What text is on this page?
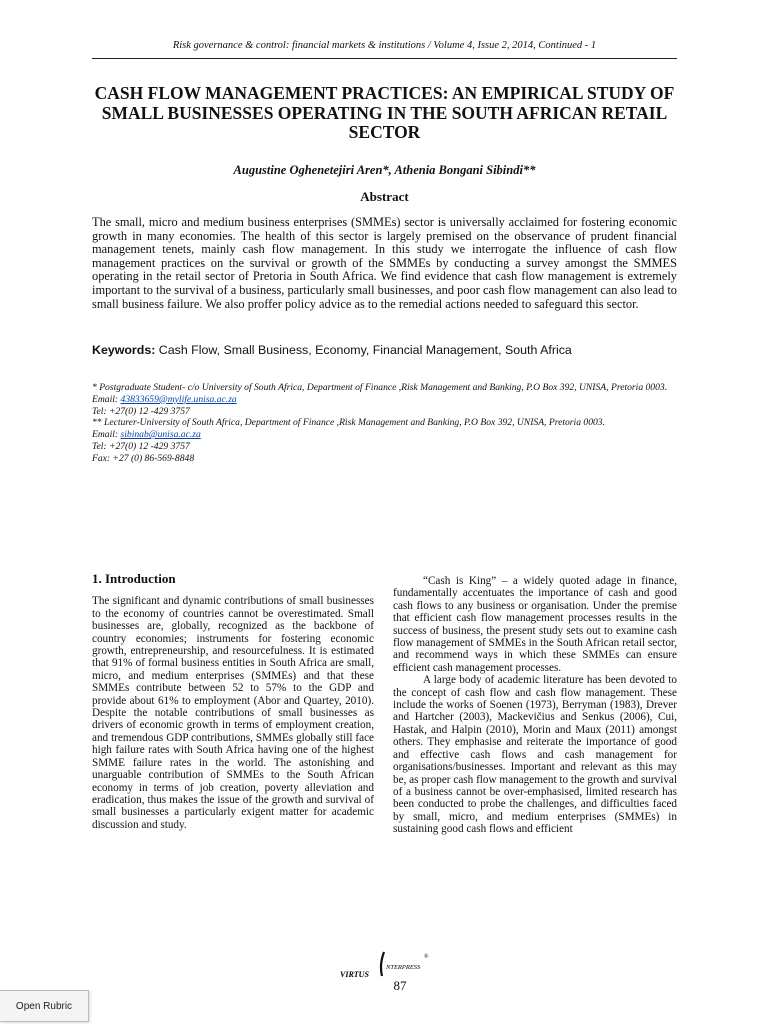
Risk governance & control: financial markets & institutions / Volume 4, Issue 2, 2014, Continued - 1
CASH FLOW MANAGEMENT PRACTICES: AN EMPIRICAL STUDY OF SMALL BUSINESSES OPERATING IN THE SOUTH AFRICAN RETAIL SECTOR
Augustine Oghenetejiri Aren*, Athenia Bongani Sibindi**
Abstract
The small, micro and medium business enterprises (SMMEs) sector is universally acclaimed for fostering economic growth in many economies. The health of this sector is largely premised on the observance of prudent financial management tenets, mainly cash flow management. In this study we interrogate the influence of cash flow management practices on the survival or growth of the SMMEs by conducting a survey amongst the SMMES operating in the retail sector of Pretoria in South Africa. We find evidence that cash flow management is extremely important to the survival of a business, particularly small businesses, and poor cash flow management can also lead to small business failure. We also proffer policy advice as to the remedial actions needed to safeguard this sector.
Keywords: Cash Flow, Small Business, Economy, Financial Management, South Africa
* Postgraduate Student- c/o University of South Africa, Department of Finance ,Risk Management and Banking, P.O Box 392, UNISA, Pretoria 0003.
Email: 43833659@mylife.unisa.ac.za
Tel: +27(0) 12 -429 3757
** Lecturer-University of South Africa, Department of Finance ,Risk Management and Banking, P.O Box 392, UNISA, Pretoria 0003.
Email: sibinab@unisa.ac.za
Tel: +27(0) 12 -429 3757
Fax: +27 (0) 86-569-8848
1. Introduction
The significant and dynamic contributions of small businesses to the economy of countries cannot be overestimated. Small businesses are, globally, recognized as the backbone of country economies; instruments for fostering economic growth, entrepreneurship, and resourcefulness. It is estimated that 91% of formal business entities in South Africa are small, micro, and medium enterprises (SMMEs) and that these SMMEs contribute between 52 to 57% to the GDP and provide about 61% to employment (Abor and Quartey, 2010). Despite the notable contributions of small businesses as drivers of economic growth in terms of employment creation, and tremendous GDP contributions, SMMEs globally still face high failure rates with South Africa having one of the highest SMME failure rates in the world. The astonishing and unarguable contribution of SMMEs to the South African economy in terms of job creation, poverty alleviation and eradication, thus makes the issue of the growth and survival of small businesses a particularly exigent matter for academic discussion and study.

“Cash is King” – a widely quoted adage in finance, fundamentally accentuates the importance of cash and good cash flows to any business or organisation. Under the premise that efficient cash flow management processes results in the success of business, the present study sets out to examine cash flow management of SMMEs in the South African retail sector, and recommend ways in which these SMMEs can ensure efficient cash management processes.

A large body of academic literature has been devoted to the concept of cash flow and cash flow management. These include the works of Soenen (1973), Berryman (1983), Drever and Hartcher (2003), Mackevičius and Senkus (2006), Cui, Hastak, and Halpin (2010), Morin and Maux (2011) amongst others. They emphasise and reiterate the importance of good and effective cash flows and cash management for organisations/businesses. Important and relevant as this may be, as proper cash flow management to the growth and survival of a business cannot be over-emphasised, limited research has been conducted to probe the challenges, and difficulties faced by small, micro, and medium enterprises (SMMEs) in sustaining good cash flows and efficient

VIRTUS
NTERPRESS
®
87
Open Rubric
